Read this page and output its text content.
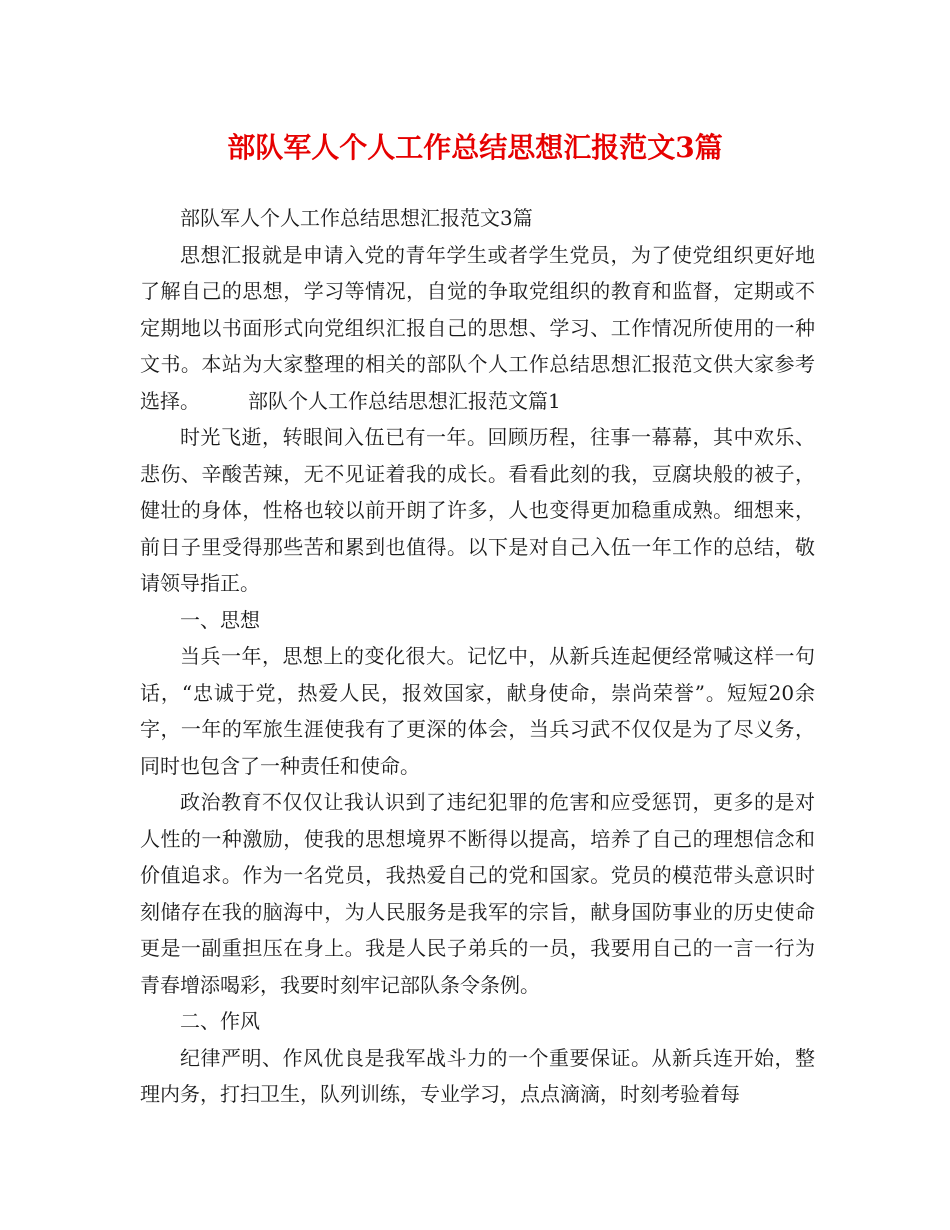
部队军人个人工作总结思想汇报范文3篇

部队军人个人工作总结思想汇报范文3篇

思想汇报就是申请入党的青年学生或者学生党员，为了使党组织更好地了解自己的思想，学习等情况，自觉的争取党组织的教育和监督，定期或不定期地以书面形式向党组织汇报自己的思想、学习、工作情况所使用的一种文书。本站为大家整理的相关的部队个人工作总结思想汇报范文供大家参考选择。 部队个人工作总结思想汇报范文篇1

时光飞逝，转眼间入伍已有一年。回顾历程，往事一幕幕，其中欢乐、悲伤、辛酸苦辣，无不见证着我的成长。看看此刻的我，豆腐块般的被子，健壮的身体，性格也较以前开朗了许多，人也变得更加稳重成熟。细想来，前日子里受得那些苦和累到也值得。以下是对自己入伍一年工作的总结，敬请领导指正。

一、思想

当兵一年，思想上的变化很大。记忆中，从新兵连起便经常喊这样一句话，“忠诚于党，热爱人民，报效国家，献身使命，崇尚荣誉”。短短20余字，一年的军旅生涯使我有了更深的体会，当兵习武不仅仅是为了尽义务，同时也包含了一种责任和使命。

政治教育不仅仅让我认识到了违纪犯罪的危害和应受惩罚，更多的是对人性的一种激励，使我的思想境界不断得以提高，培养了自己的理想信念和价值追求。作为一名党员，我热爱自己的党和国家。党员的模范带头意识时刻储存在我的脑海中，为人民服务是我军的宗旨，献身国防事业的历史使命更是一副重担压在身上。我是人民子弟兵的一员，我要用自己的一言一行为青春增添喝彩，我要时刻牢记部队条令条例。

二、作风

纪律严明、作风优良是我军战斗力的一个重要保证。从新兵连开始，整理内务，打扫卫生，队列训练，专业学习，点点滴滴，时刻考验着每
